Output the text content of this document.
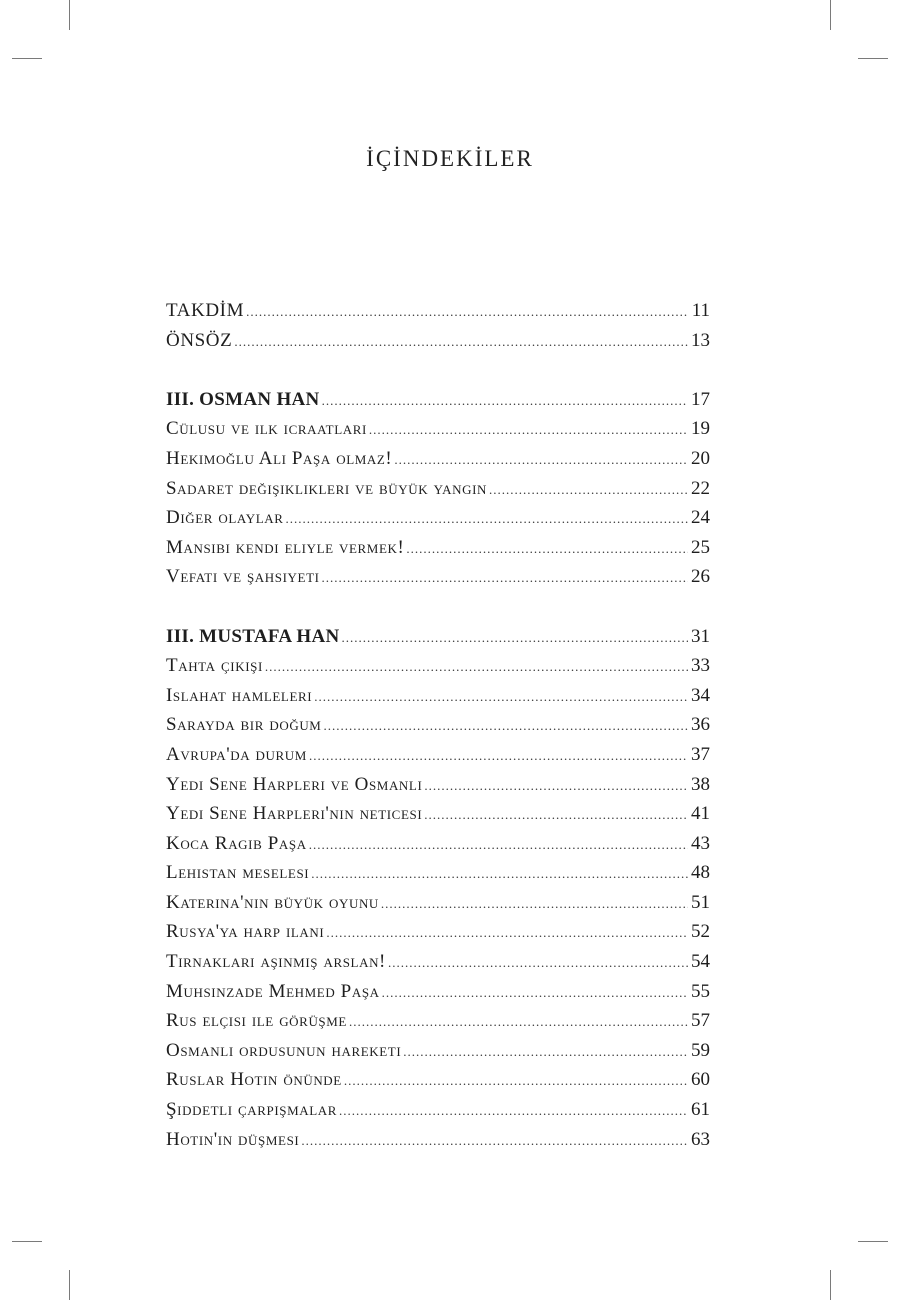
İÇİNDEKİLER
TAKDİM .....	11
ÖNSÖZ .....	13
III. OSMAN HAN .....	17
Cülusu ve ilk icraatları .....	19
Hekimoğlu Ali Paşa olmaz! .....	20
Sadaret değişiklikleri ve büyük yangın .....	22
Diğer olaylar .....	24
Mansıbı kendi eliyle vermek! .....	25
Vefatı ve şahsiyeti .....	26
III. MUSTAFA HAN .....	31
Tahta çıkışı .....	33
Islahat hamleleri .....	34
Sarayda bir doğum .....	36
Avrupa'da durum .....	37
Yedi Sene Harpleri ve Osmanlı .....	38
Yedi Sene Harpleri'nin neticesi .....	41
Koca Ragıb Paşa .....	43
Lehistan meselesi .....	48
Katerina'nın büyük oyunu .....	51
Rusya'ya harp ilanı .....	52
Tırnakları aşınmış arslan! .....	54
Muhsinzade Mehmed Paşa .....	55
Rus elçisi ile görüşme .....	57
Osmanlı ordusunun hareketi .....	59
Ruslar Hotin önünde .....	60
Şiddetli çarpışmalar .....	61
Hotin'in düşmesi .....	63
